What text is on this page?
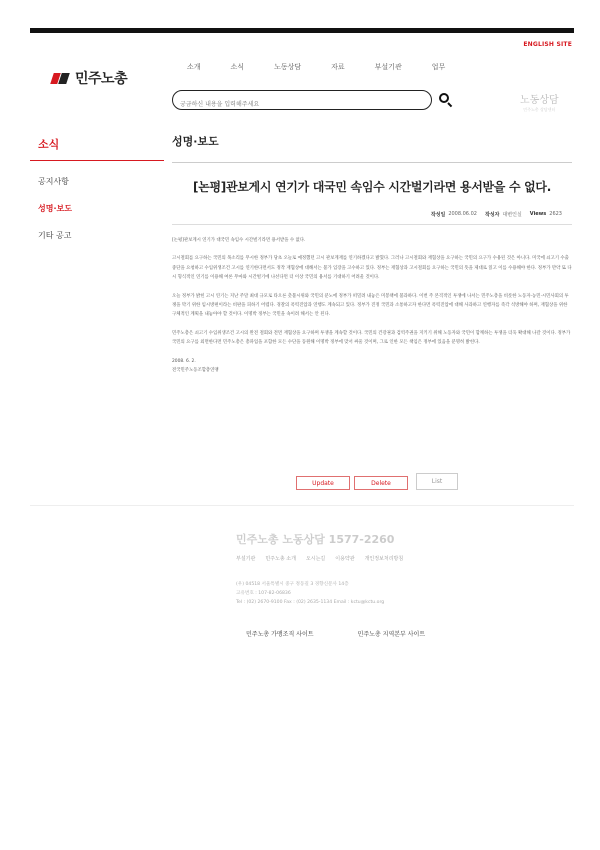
ENGLISH SITE
민주노총
소개	소식	노동상담	자료	부설기관	업무
궁금하신 내용을 입력해주세요
노동상담
민주노총 상담센터
소식
공지사항
성명·보도
기타 공고
성명·보도
[논평]관보게시 연기가 대국민 속임수 시간벌기라면 용서받을 수 없다.
작성일 2008.06.02 작성자 대변인실 Views 2623

[논평]관보게시 연기가 대국민 속임수 시간벌기라면 용서받을 수 없다.

고시철회를 요구하는 국민의 목소리를 무시한 정부가 당초 오늘로 예정했던 고시 관보게재를 연기하겠다고 밝혔다. 그러나 고시철회와 재협상을 요구하는 국민의 요구가 수용된 것은 아니다. 미국에 쇠고기 수출 중단을 요청하고 수입위생조건 고시를 연기한다면서도 정작 재협상에 대해서는 불가 입장을 고수하고 있다. 정부는 재협상과 고시철회를 요구하는 국민의 뜻을 제대로 읽고 이를 수용해야 한다. 정부가 만약 또 다시 형식적인 연기를 이용해 여론 무마와 시간벌기에 나선다면 더 이상 국민의 용서를 기대하기 어려울 것이다.

오늘 정부가 밝힌 고시 연기는 지난 주말 최대 규모로 타오른 촛불시위와 국민의 분노에 정부가 떠밀려 내놓은 미봉책에 불과하다. 이번 주 본격적인 투쟁에 나서는 민주노총을 비롯한 노동자·농민·시민사회의 투쟁을 막기 위한 임시방편이라는 비판을 피하기 어렵다. 경찰의 폭력진압과 연행도 계속되고 있다. 정부가 진정 국민과 소통하고자 한다면 폭력진압에 대해 사과하고 연행자를 즉각 석방해야 하며, 재협상을 위한 구체적인 계획을 내놓아야 할 것이다. 이명박 정부는 국민을 속이려 해서는 안 된다.

민주노총은 쇠고기 수입위생조건 고시의 완전 철회와 전면 재협상을 요구하며 투쟁을 계속할 것이다. 국민의 건강권과 검역주권을 지키기 위해 노동자와 국민이 함께하는 투쟁을 더욱 확대해 나갈 것이다. 정부가 국민의 요구를 외면한다면 민주노총은 총파업을 포함한 모든 수단을 동원해 이명박 정부에 맞서 싸울 것이며, 그로 인한 모든 책임은 정부에 있음을 분명히 밝힌다.

2008. 6. 2.
전국민주노동조합총연맹
Update	Delete	List
민주노총 노동상담 1577-2260
부설기관 민주노총 소개 오시는길 이용약관 개인정보처리방침
(우) 04518 서울특별시 중구 정동길 3 경향신문사 14층
고유번호 : 107-82-06836
Tel : (02) 2670-9100 Fax : (02) 2635-1134 Email : kctu@kctu.org
민주노총 가맹조직 사이트	민주노총 지역본부 사이트
